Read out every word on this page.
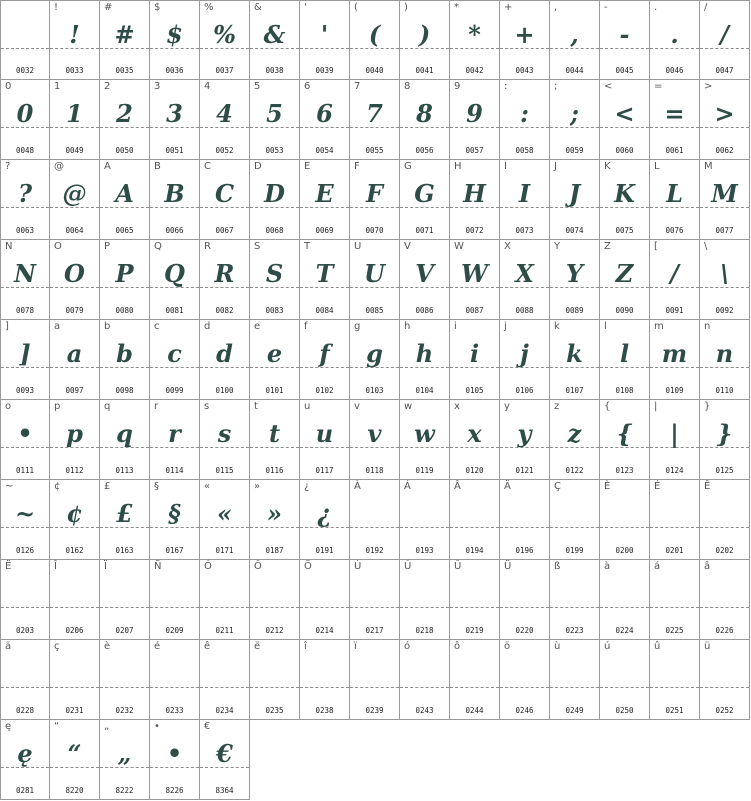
0032
!
!
0033
#
#
0035
$
$
0036
%
%
0037
&
&
0038
'
'
0039
(
(
0040
)
)
0041
*
*
0042
+
+
0043
,
,
0044
-
-
0045
.
.
0046
/
/
0047
0
0
0048
1
1
0049
2
2
0050
3
3
0051
4
4
0052
5
5
0053
6
6
0054
7
7
0055
8
8
0056
9
9
0057
:
:
0058
;
;
0059
<
<
0060
=
=
0061
>
>
0062
?
?
0063
@
@
0064
A
A
0065
B
B
0066
C
C
0067
D
D
0068
E
E
0069
F
F
0070
G
G
0071
H
H
0072
I
I
0073
J
J
0074
K
K
0075
L
L
0076
M
M
0077
N
N
0078
O
O
0079
P
P
0080
Q
Q
0081
R
R
0082
S
S
0083
T
T
0084
U
U
0085
V
V
0086
W
W
0087
X
X
0088
Y
Y
0089
Z
Z
0090
[
/
0091
\
\
0092
]
]
0093
a
a
0097
b
b
0098
c
c
0099
d
d
0100
e
e
0101
f
f
0102
g
g
0103
h
h
0104
i
i
0105
j
j
0106
k
k
0107
l
l
0108
m
m
0109
n
n
0110
o
•
0111
p
p
0112
q
q
0113
r
r
0114
s
s
0115
t
t
0116
u
u
0117
v
v
0118
w
w
0119
x
x
0120
y
y
0121
z
z
0122
{
{
0123
|
|
0124
}
}
0125
~
~
0126
¢
¢
0162
£
£
0163
§
§
0167
«
«
0171
»
»
0187
¿
¿
0191
À
0192
Á
0193
Â
0194
Ä
0196
Ç
0199
È
0200
É
0201
Ê
0202
Ë
0203
Î
0206
Ï
0207
Ñ
0209
Ó
0211
Ô
0212
Ö
0214
Ù
0217
Ú
0218
Û
0219
Ü
0220
ß
0223
à
0224
á
0225
â
0226
ä
0228
ç
0231
è
0232
é
0233
ê
0234
ë
0235
î
0238
ï
0239
ó
0243
ô
0244
ö
0246
ù
0249
ú
0250
û
0251
ü
0252
ę
ę
0281
“
“
8220
„
„
8222
•
•
8226
€
€
8364
